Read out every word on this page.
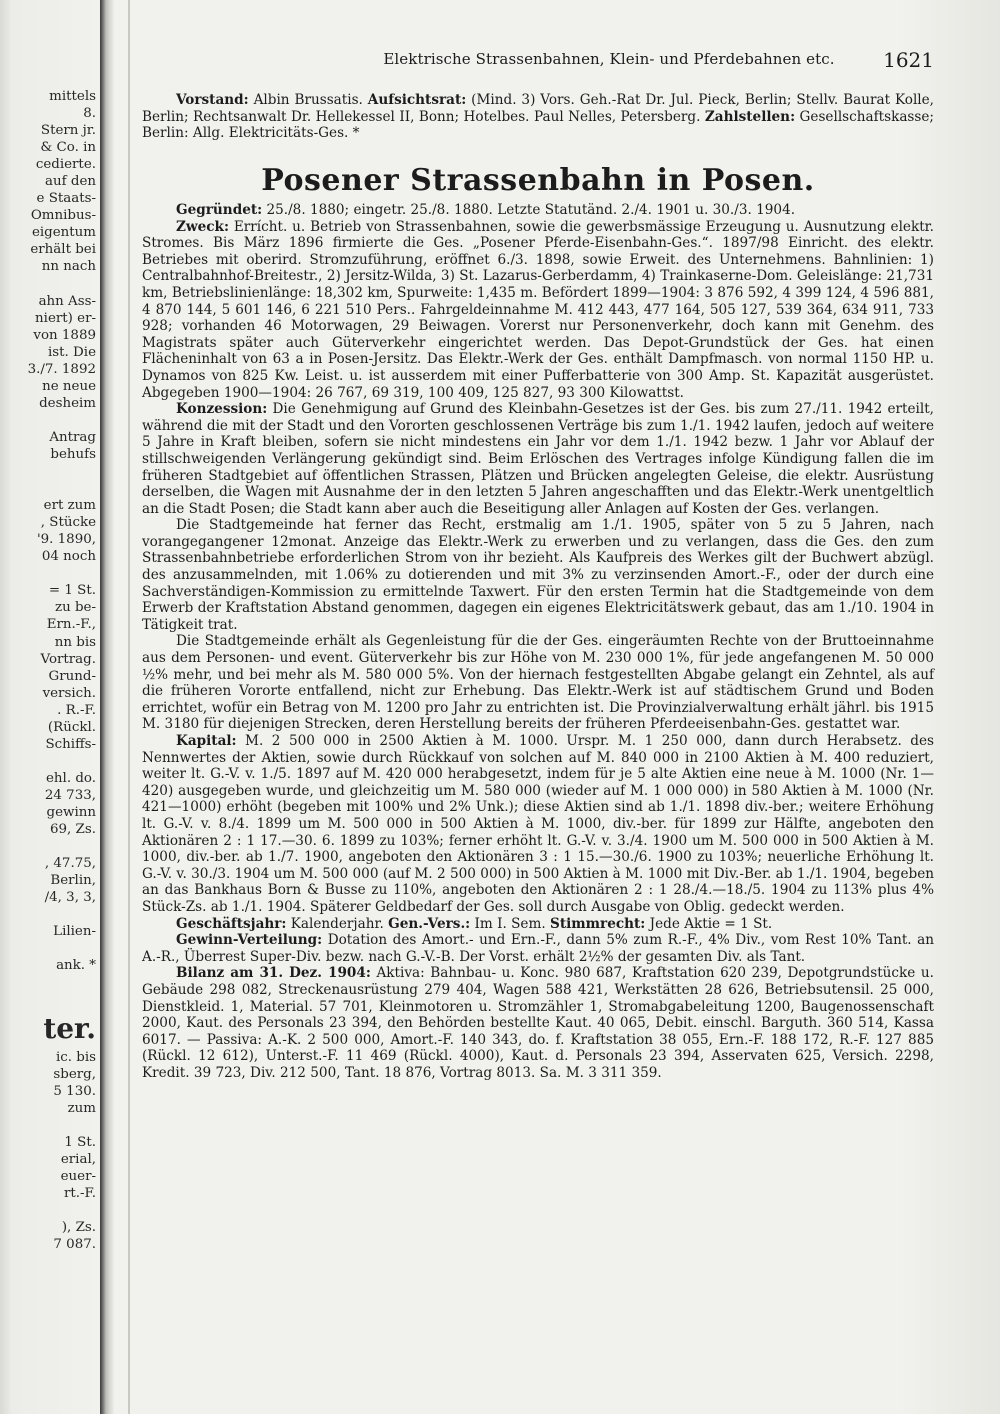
mittels
8.
Stern jr.
& Co. in
cedierte.
auf den
e Staats-
Omnibus-
eigentum
erhält bei
nn nach
ahn Ass-
niert) er-
von 1889
ist. Die
3./7. 1892
ne neue
desheim
Antrag
behufs
ert zum
, Stücke
'9. 1890,
04 noch
= 1 St.
zu be-
Ern.-F.,
nn bis
Vortrag.
Grund-
versich.
. R.-F.
(Rückl.
Schiffs-
ehl. do.
24 733,
gewinn
69, Zs.
, 47.75,
Berlin,
/4, 3, 3,
Lilien-
ank. *
ter.
ic. bis
sberg,
5 130.
zum
1 St.
erial,
euer-
rt.-F.
), Zs.
7 087.
Elektrische Strassenbahnen, Klein- und Pferdebahnen etc.	1621

Vorstand: Albin Brussatis. Aufsichtsrat: (Mind. 3) Vors. Geh.-Rat Dr. Jul. Pieck, Berlin; Stellv. Baurat Kolle, Berlin; Rechtsanwalt Dr. Hellekessel II, Bonn; Hotelbes. Paul Nelles, Petersberg. Zahlstellen: Gesellschaftskasse; Berlin: Allg. Elektricitäts-Ges. *

Posener Strassenbahn in Posen.

Gegründet: 25./8. 1880; eingetr. 25./8. 1880. Letzte Statutänd. 2./4. 1901 u. 30./3. 1904.

Zweck: Errícht. u. Betrieb von Strassenbahnen, sowie die gewerbsmässige Erzeugung u. Ausnutzung elektr. Stromes. Bis März 1896 firmierte die Ges. „Posener Pferde-Eisenbahn-Ges.“. 1897/98 Einricht. des elektr. Betriebes mit oberird. Stromzuführung, eröffnet 6./3. 1898, sowie Erweit. des Unternehmens. Bahnlinien: 1) Centralbahnhof-Breitestr., 2) Jersitz-Wilda, 3) St. Lazarus-Gerberdamm, 4) Trainkaserne-Dom. Geleislänge: 21,731 km, Betriebslinienlänge: 18,302 km, Spurweite: 1,435 m. Befördert 1899—1904: 3 876 592, 4 399 124, 4 596 881, 4 870 144, 5 601 146, 6 221 510 Pers.. Fahrgeldeinnahme M. 412 443, 477 164, 505 127, 539 364, 634 911, 733 928; vorhanden 46 Motorwagen, 29 Beiwagen. Vorerst nur Personenverkehr, doch kann mit Genehm. des Magistrats später auch Güterverkehr eingerichtet werden. Das Depot-Grundstück der Ges. hat einen Flächeninhalt von 63 a in Posen-Jersitz. Das Elektr.-Werk der Ges. enthält Dampfmasch. von normal 1150 HP. u. Dynamos von 825 Kw. Leist. u. ist ausserdem mit einer Pufferbatterie von 300 Amp. St. Kapazität ausgerüstet. Abgegeben 1900—1904: 26 767, 69 319, 100 409, 125 827, 93 300 Kilowattst.

Konzession: Die Genehmigung auf Grund des Kleinbahn-Gesetzes ist der Ges. bis zum 27./11. 1942 erteilt, während die mit der Stadt und den Vororten geschlossenen Verträge bis zum 1./1. 1942 laufen, jedoch auf weitere 5 Jahre in Kraft bleiben, sofern sie nicht mindestens ein Jahr vor dem 1./1. 1942 bezw. 1 Jahr vor Ablauf der stillschweigenden Verlängerung gekündigt sind. Beim Erlöschen des Vertrages infolge Kündigung fallen die im früheren Stadtgebiet auf öffentlichen Strassen, Plätzen und Brücken angelegten Geleise, die elektr. Ausrüstung derselben, die Wagen mit Ausnahme der in den letzten 5 Jahren angeschafften und das Elektr.-Werk unentgeltlich an die Stadt Posen; die Stadt kann aber auch die Beseitigung aller Anlagen auf Kosten der Ges. verlangen.

Die Stadtgemeinde hat ferner das Recht, erstmalig am 1./1. 1905, später von 5 zu 5 Jahren, nach vorangegangener 12monat. Anzeige das Elektr.-Werk zu erwerben und zu verlangen, dass die Ges. den zum Strassenbahnbetriebe erforderlichen Strom von ihr bezieht. Als Kaufpreis des Werkes gilt der Buchwert abzügl. des anzusammelnden, mit 1.06% zu dotierenden und mit 3% zu verzinsenden Amort.-F., oder der durch eine Sachverständigen-Kommission zu ermittelnde Taxwert. Für den ersten Termin hat die Stadtgemeinde von dem Erwerb der Kraftstation Abstand genommen, dagegen ein eigenes Elektricitätswerk gebaut, das am 1./10. 1904 in Tätigkeit trat.

Die Stadtgemeinde erhält als Gegenleistung für die der Ges. eingeräumten Rechte von der Bruttoeinnahme aus dem Personen- und event. Güterverkehr bis zur Höhe von M. 230 000 1%, für jede angefangenen M. 50 000 ½% mehr, und bei mehr als M. 580 000 5%. Von der hiernach festgestellten Abgabe gelangt ein Zehntel, als auf die früheren Vororte entfallend, nicht zur Erhebung. Das Elektr.-Werk ist auf städtischem Grund und Boden errichtet, wofür ein Betrag von M. 1200 pro Jahr zu entrichten ist. Die Provinzialverwaltung erhält jährl. bis 1915 M. 3180 für diejenigen Strecken, deren Herstellung bereits der früheren Pferdeeisenbahn-Ges. gestattet war.

Kapital: M. 2 500 000 in 2500 Aktien à M. 1000. Urspr. M. 1 250 000, dann durch Herabsetz. des Nennwertes der Aktien, sowie durch Rückkauf von solchen auf M. 840 000 in 2100 Aktien à M. 400 reduziert, weiter lt. G.-V. v. 1./5. 1897 auf M. 420 000 herabgesetzt, indem für je 5 alte Aktien eine neue à M. 1000 (Nr. 1—420) ausgegeben wurde, und gleichzeitig um M. 580 000 (wieder auf M. 1 000 000) in 580 Aktien à M. 1000 (Nr. 421—1000) erhöht (begeben mit 100% und 2% Unk.); diese Aktien sind ab 1./1. 1898 div.-ber.; weitere Erhöhung lt. G.-V. v. 8./4. 1899 um M. 500 000 in 500 Aktien à M. 1000, div.-ber. für 1899 zur Hälfte, angeboten den Aktionären 2 : 1 17.—30. 6. 1899 zu 103%; ferner erhöht lt. G.-V. v. 3./4. 1900 um M. 500 000 in 500 Aktien à M. 1000, div.-ber. ab 1./7. 1900, angeboten den Aktionären 3 : 1 15.—30./6. 1900 zu 103%; neuerliche Erhöhung lt. G.-V. v. 30./3. 1904 um M. 500 000 (auf M. 2 500 000) in 500 Aktien à M. 1000 mit Div.-Ber. ab 1./1. 1904, begeben an das Bankhaus Born & Busse zu 110%, angeboten den Aktionären 2 : 1 28./4.—18./5. 1904 zu 113% plus 4% Stück-Zs. ab 1./1. 1904. Späterer Geldbedarf der Ges. soll durch Ausgabe von Oblig. gedeckt werden.

Geschäftsjahr: Kalenderjahr. Gen.-Vers.: Im I. Sem. Stimmrecht: Jede Aktie = 1 St.

Gewinn-Verteilung: Dotation des Amort.- und Ern.-F., dann 5% zum R.-F., 4% Div., vom Rest 10% Tant. an A.-R., Überrest Super-Div. bezw. nach G.-V.-B. Der Vorst. erhält 2½% der gesamten Div. als Tant.

Bilanz am 31. Dez. 1904: Aktiva: Bahnbau- u. Konc. 980 687, Kraftstation 620 239, Depotgrundstücke u. Gebäude 298 082, Streckenausrüstung 279 404, Wagen 588 421, Werkstätten 28 626, Betriebsutensil. 25 000, Dienstkleid. 1, Material. 57 701, Kleinmotoren u. Stromzähler 1, Stromabgabeleitung 1200, Baugenossenschaft 2000, Kaut. des Personals 23 394, den Behörden bestellte Kaut. 40 065, Debit. einschl. Barguth. 360 514, Kassa 6017. — Passiva: A.-K. 2 500 000, Amort.-F. 140 343, do. f. Kraftstation 38 055, Ern.-F. 188 172, R.-F. 127 885 (Rückl. 12 612), Unterst.-F. 11 469 (Rückl. 4000), Kaut. d. Personals 23 394, Asservaten 625, Versich. 2298, Kredit. 39 723, Div. 212 500, Tant. 18 876, Vortrag 8013. Sa. M. 3 311 359.
